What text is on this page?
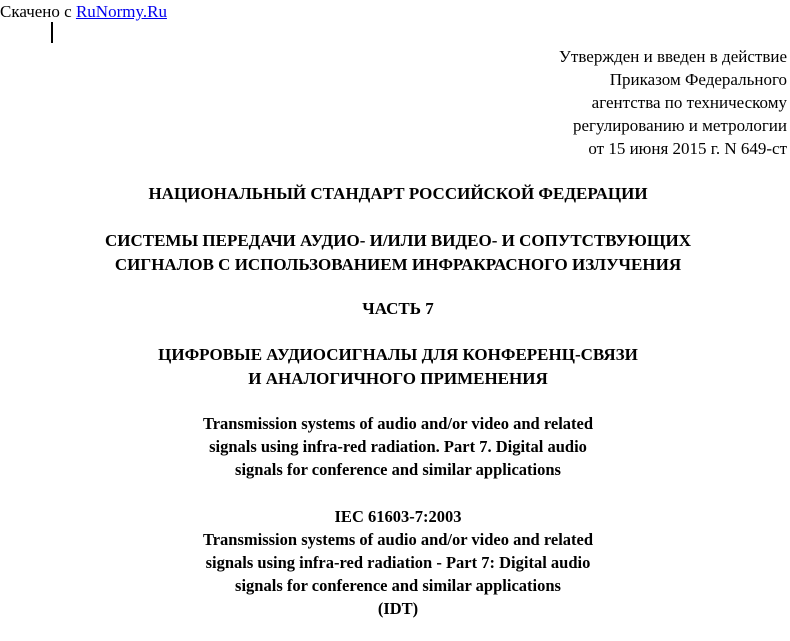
Скачено с RuNormy.Ru
Утвержден и введен в действие
Приказом Федерального
агентства по техническому
регулированию и метрологии
от 15 июня 2015 г. N 649-ст
НАЦИОНАЛЬНЫЙ СТАНДАРТ РОССИЙСКОЙ ФЕДЕРАЦИИ
СИСТЕМЫ ПЕРЕДАЧИ АУДИО- И/ИЛИ ВИДЕО- И СОПУТСТВУЮЩИХ
СИГНАЛОВ С ИСПОЛЬЗОВАНИЕМ ИНФРАКРАСНОГО ИЗЛУЧЕНИЯ
ЧАСТЬ 7
ЦИФРОВЫЕ АУДИОСИГНАЛЫ ДЛЯ КОНФЕРЕНЦ-СВЯЗИ
И АНАЛОГИЧНОГО ПРИМЕНЕНИЯ
Transmission systems of audio and/or video and related
signals using infra-red radiation. Part 7. Digital audio
signals for conference and similar applications
IEC 61603-7:2003
Transmission systems of audio and/or video and related
signals using infra-red radiation - Part 7: Digital audio
signals for conference and similar applications
(IDT)
